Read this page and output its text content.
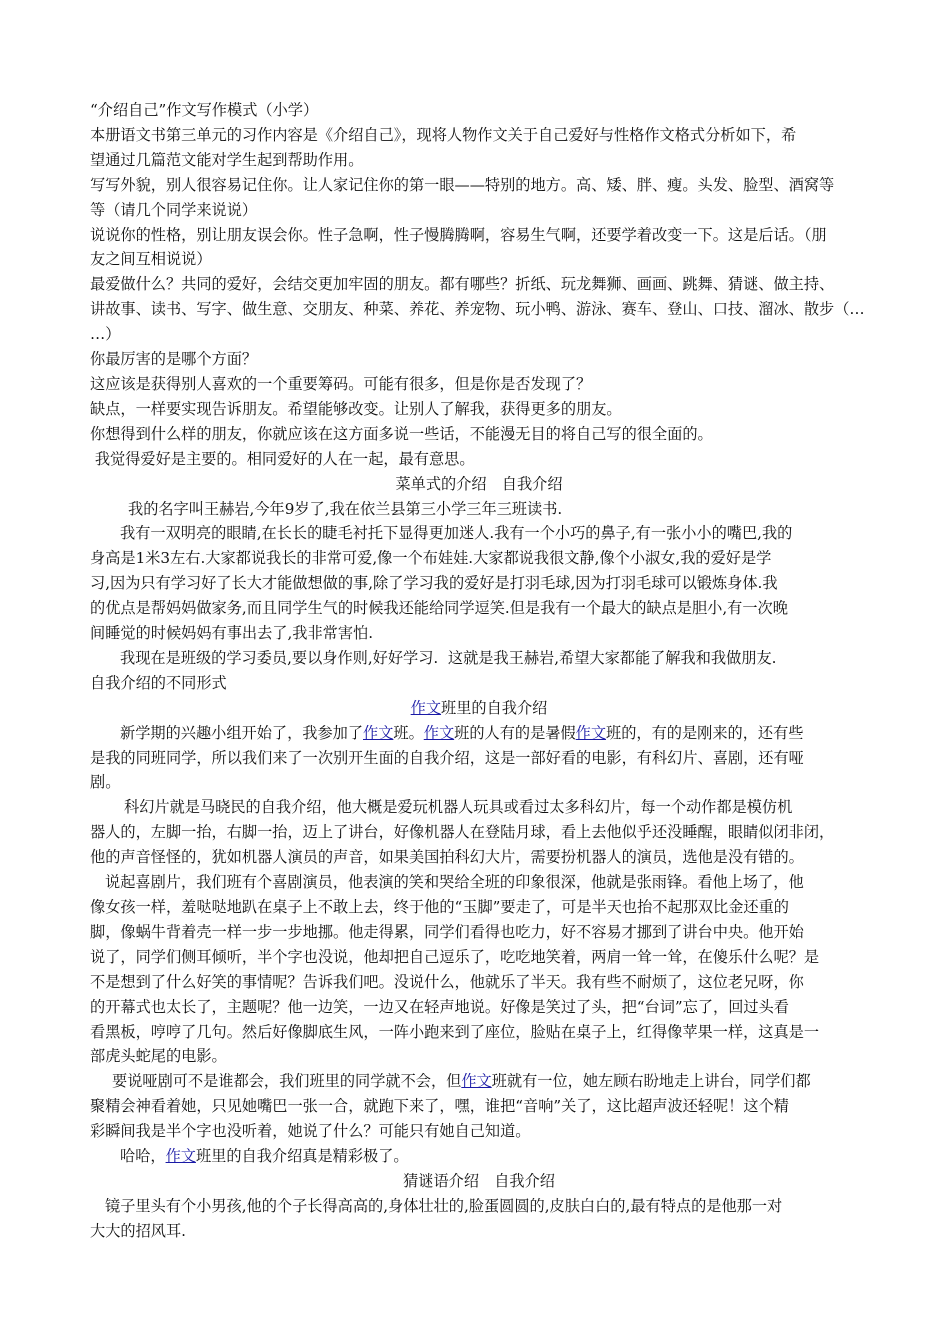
“介绍自己”作文写作模式（小学）

本册语文书第三单元的习作内容是《介绍自己》，现将人物作文关于自己爱好与性格作文格式分析如下，希

望通过几篇范文能对学生起到帮助作用。

写写外貌，别人很容易记住你。让人家记住你的第一眼——特别的地方。高、矮、胖、瘦。头发、脸型、酒窝等

等（请几个同学来说说）

说说你的性格，别让朋友误会你。性子急啊，性子慢腾腾啊，容易生气啊，还要学着改变一下。这是后话。（朋

友之间互相说说）

最爱做什么？共同的爱好，会结交更加牢固的朋友。都有哪些？折纸、玩龙舞狮、画画、跳舞、猜谜、做主持、

讲故事、读书、写字、做生意、交朋友、种菜、养花、养宠物、玩小鸭、游泳、赛车、登山、口技、溜冰、散步（…

…）

你最厉害的是哪个方面？

这应该是获得别人喜欢的一个重要筹码。可能有很多，但是你是否发现了？

缺点，一样要实现告诉朋友。希望能够改变。让别人了解我，获得更多的朋友。

你想得到什么样的朋友，你就应该在这方面多说一些话，不能漫无目的将自己写的很全面的。

我觉得爱好是主要的。相同爱好的人在一起，最有意思。

菜单式的介绍　自我介绍

我的名字叫王赫岩,今年9岁了,我在依兰县第三小学三年三班读书.

我有一双明亮的眼睛,在长长的睫毛衬托下显得更加迷人.我有一个小巧的鼻子,有一张小小的嘴巴,我的

身高是1米3左右.大家都说我长的非常可爱,像一个布娃娃.大家都说我很文静,像个小淑女,我的爱好是学

习,因为只有学习好了长大才能做想做的事,除了学习我的爱好是打羽毛球,因为打羽毛球可以锻炼身体.我

的优点是帮妈妈做家务,而且同学生气的时候我还能给同学逗笑.但是我有一个最大的缺点是胆小,有一次晚

间睡觉的时候妈妈有事出去了,我非常害怕.

我现在是班级的学习委员,要以身作则,好好学习.  这就是我王赫岩,希望大家都能了解我和我做朋友.

自我介绍的不同形式

作文班里的自我介绍

新学期的兴趣小组开始了，我参加了作文班。作文班的人有的是暑假作文班的，有的是刚来的，还有些

是我的同班同学，所以我们来了一次别开生面的自我介绍，这是一部好看的电影，有科幻片、喜剧，还有哑

剧。

科幻片就是马晓民的自我介绍，他大概是爱玩机器人玩具或看过太多科幻片，每一个动作都是模仿机

器人的，左脚一抬，右脚一抬，迈上了讲台，好像机器人在登陆月球，看上去他似乎还没睡醒，眼睛似闭非闭，

他的声音怪怪的，犹如机器人演员的声音，如果美国拍科幻大片，需要扮机器人的演员，选他是没有错的。

说起喜剧片，我们班有个喜剧演员，他表演的笑和哭给全班的印象很深，他就是张雨锋。看他上场了，他

像女孩一样，羞哒哒地趴在桌子上不敢上去，终于他的“玉脚”要走了，可是半天也抬不起那双比金还重的

脚，像蜗牛背着壳一样一步一步地挪。他走得累，同学们看得也吃力，好不容易才挪到了讲台中央。他开始

说了，同学们侧耳倾听，半个字也没说，他却把自己逗乐了，吃吃地笑着，两肩一耸一耸，在傻乐什么呢？是

不是想到了什么好笑的事情呢？告诉我们吧。没说什么，他就乐了半天。我有些不耐烦了，这位老兄呀，你

的开幕式也太长了，主题呢？他一边笑，一边又在轻声地说。好像是笑过了头，把“台词”忘了，回过头看

看黑板，哼哼了几句。然后好像脚底生风，一阵小跑来到了座位，脸贴在桌子上，红得像苹果一样，这真是一

部虎头蛇尾的电影。

要说哑剧可不是谁都会，我们班里的同学就不会，但作文班就有一位，她左顾右盼地走上讲台，同学们都

聚精会神看着她，只见她嘴巴一张一合，就跑下来了，嘿，谁把“音响”关了，这比超声波还轻呢！这个精

彩瞬间我是半个字也没听着，她说了什么？可能只有她自己知道。

哈哈，作文班里的自我介绍真是精彩极了。

猜谜语介绍　自我介绍

镜子里头有个小男孩,他的个子长得高高的,身体壮壮的,脸蛋圆圆的,皮肤白白的,最有特点的是他那一对

大大的招风耳.
